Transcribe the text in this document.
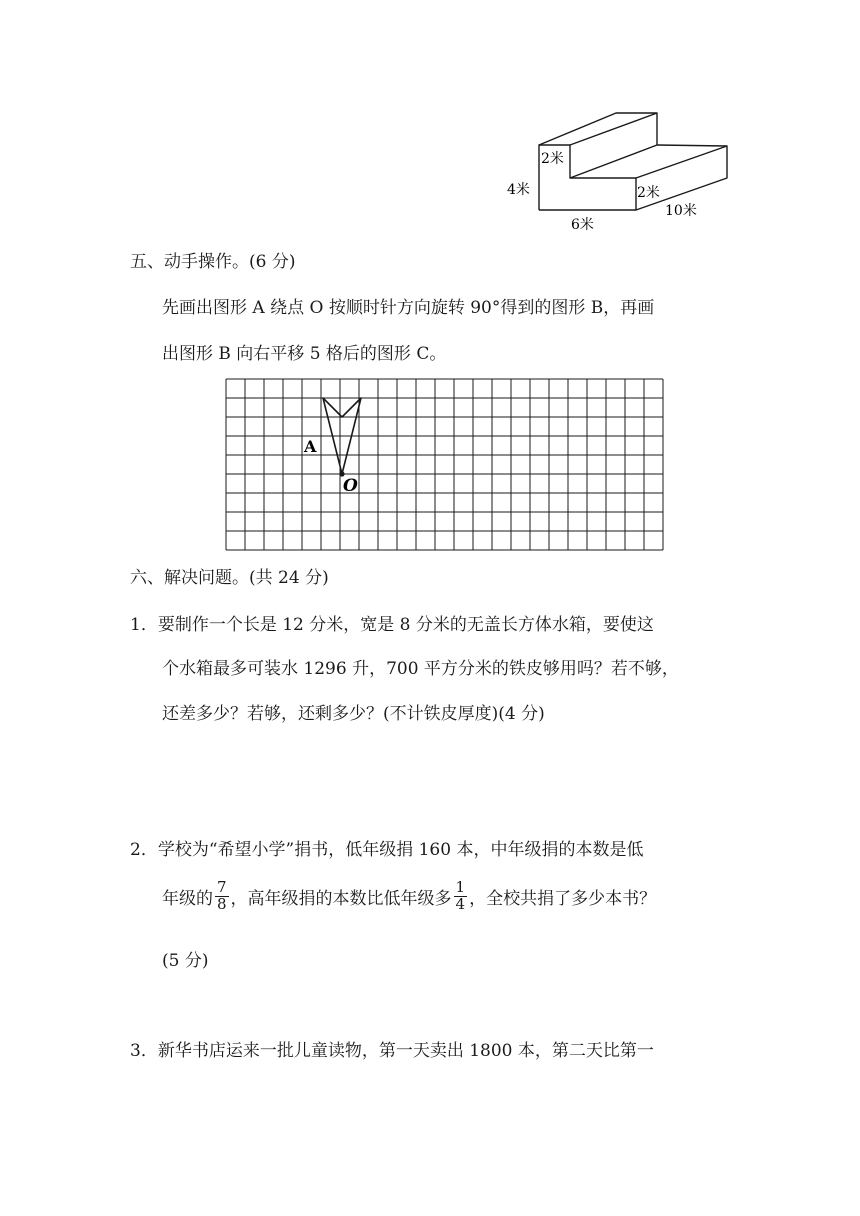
2米
4米	2米
6米
10米
五、动手操作。(6 分)
先画出图形 A 绕点 O 按顺时针方向旋转 90°得到的图形 B，再画
出图形 B 向右平移 5 格后的图形 C。
A
O
六、解决问题。(共 24 分)
1．要制作一个长是 12 分米，宽是 8 分米的无盖长方体水箱，要使这
个水箱最多可装水 1296 升，700 平方分米的铁皮够用吗？若不够，
还差多少？若够，还剩多少？(不计铁皮厚度)(4 分)
2．学校为“希望小学”捐书，低年级捐 160 本，中年级捐的本数是低
年级的 $\frac{7}{8}$ ，高年级捐的本数比低年级多 $\frac{1}{4}$ ，全校共捐了多少本书？
(5 分)
3．新华书店运来一批儿童读物，第一天卖出 1800 本，第二天比第一
